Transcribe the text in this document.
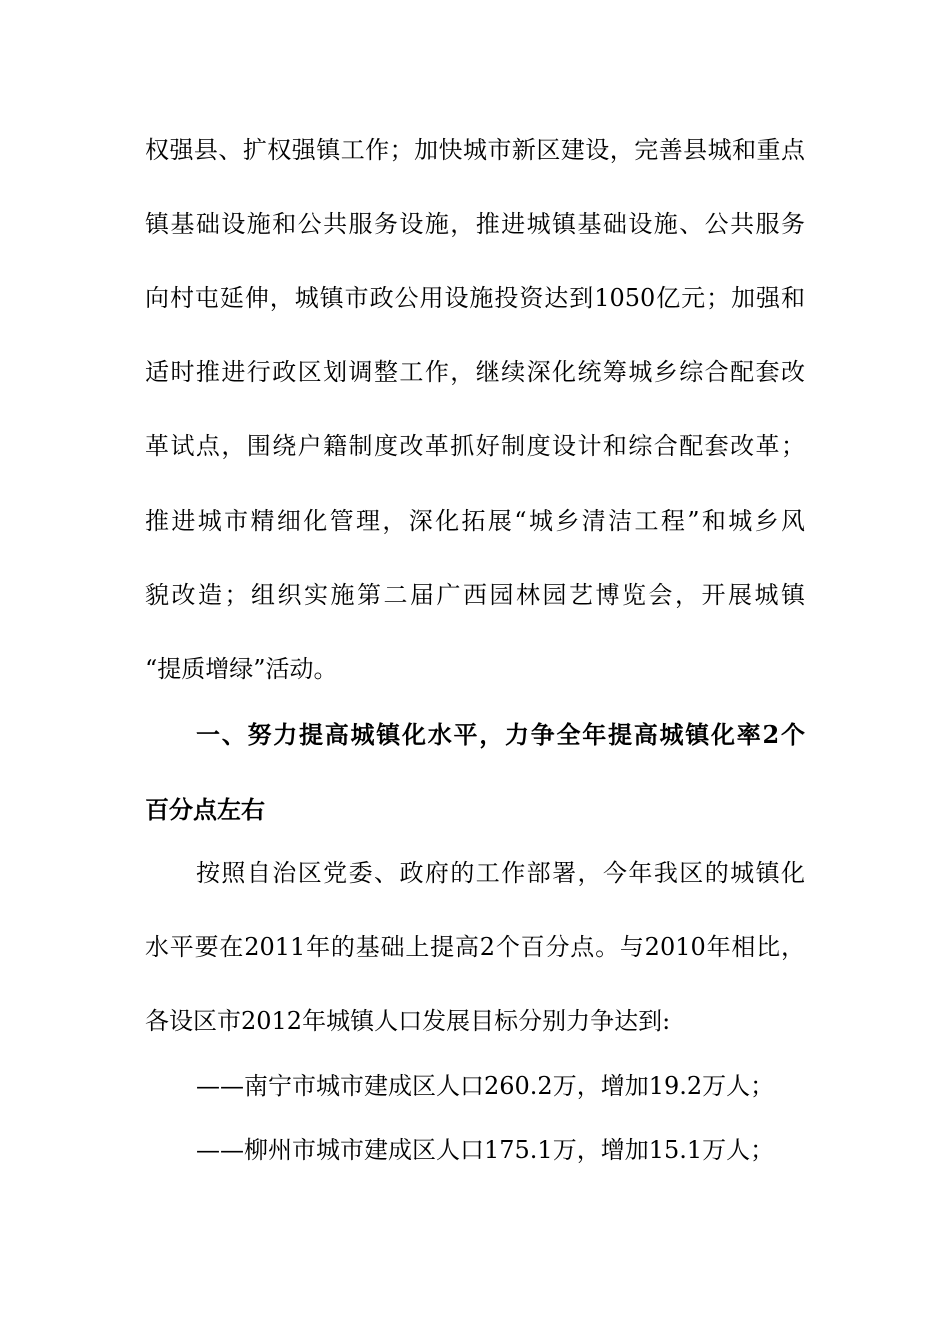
权强县、扩权强镇工作；加快城市新区建设，完善县城和重点
镇基础设施和公共服务设施，推进城镇基础设施、公共服务
向村屯延伸，城镇市政公用设施投资达到1050亿元；加强和
适时推进行政区划调整工作，继续深化统筹城乡综合配套改
革试点，围绕户籍制度改革抓好制度设计和综合配套改革；
推进城市精细化管理，深化拓展“城乡清洁工程”和城乡风
貌改造；组织实施第二届广西园林园艺博览会，开展城镇
“提质增绿”活动。
一、努力提高城镇化水平，力争全年提高城镇化率2个
百分点左右
按照自治区党委、政府的工作部署，今年我区的城镇化
水平要在2011年的基础上提高2个百分点。与2010年相比，
各设区市2012年城镇人口发展目标分别力争达到:
——南宁市城市建成区人口260.2万，增加19.2万人；
——柳州市城市建成区人口175.1万，增加15.1万人；
